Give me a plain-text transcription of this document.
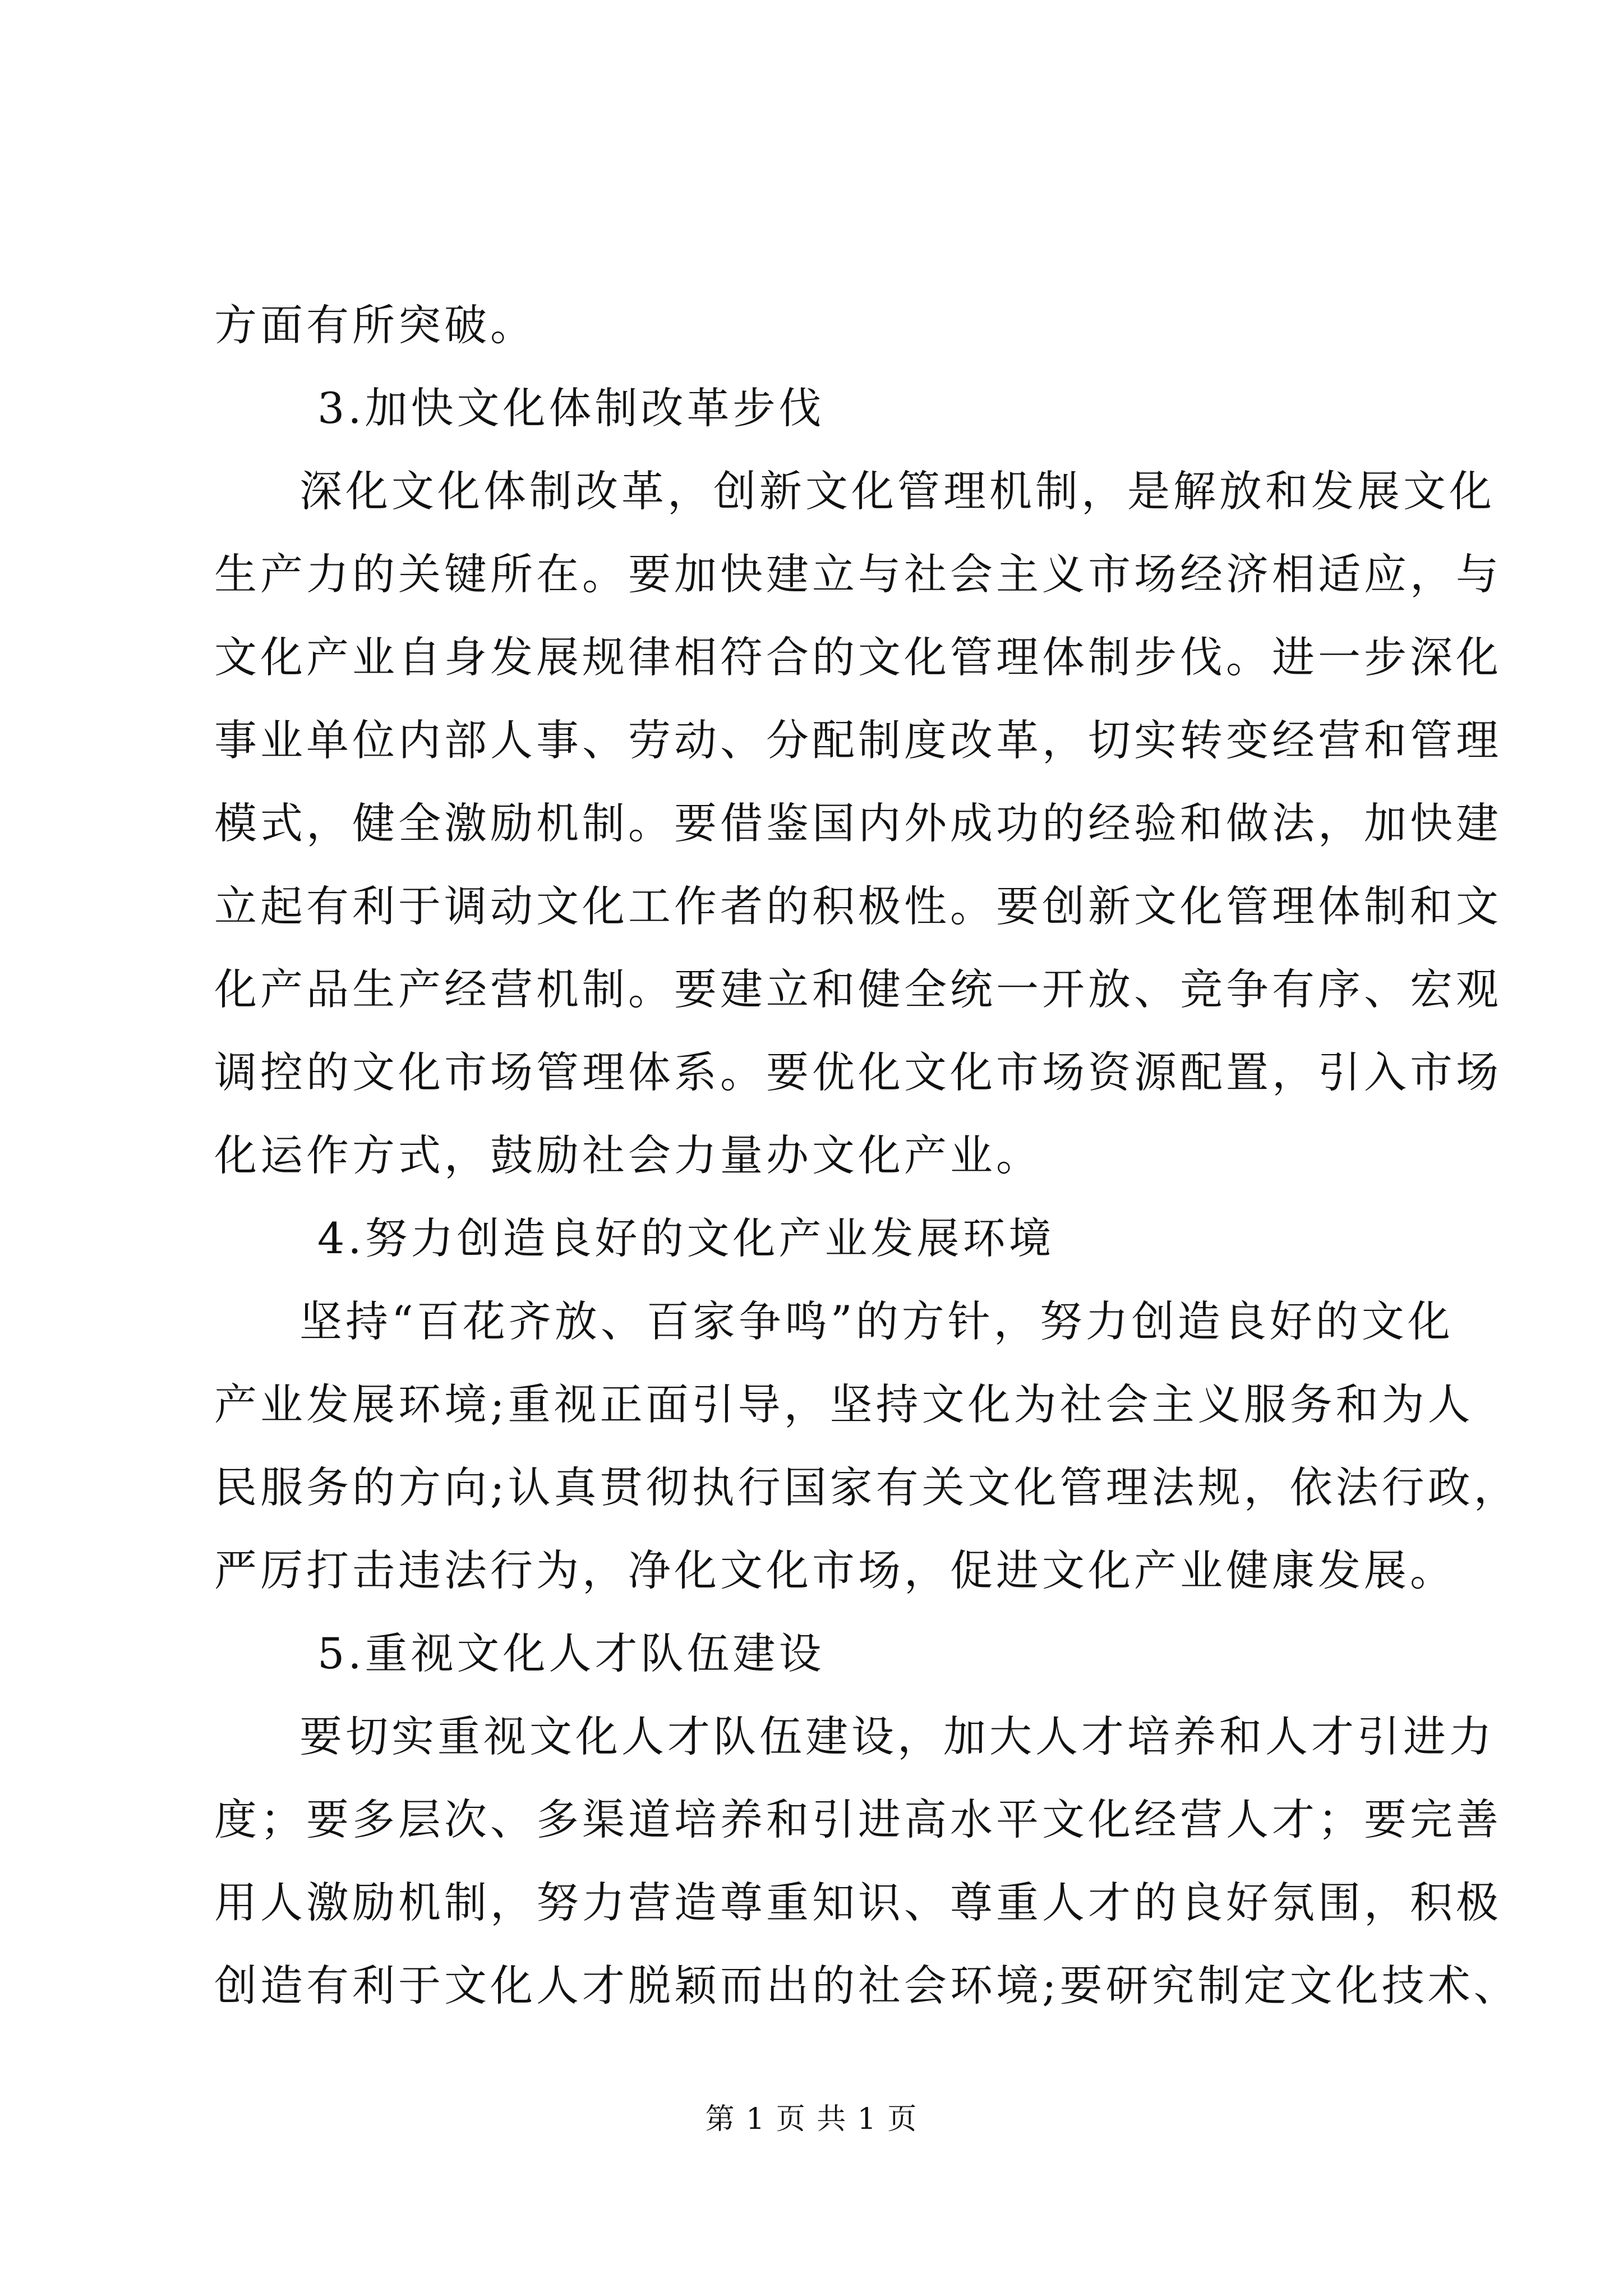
方面有所突破。
3.加快文化体制改革步伐
深化文化体制改革，创新文化管理机制，是解放和发展文化
生产力的关键所在。要加快建立与社会主义市场经济相适应，与
文化产业自身发展规律相符合的文化管理体制步伐。进一步深化
事业单位内部人事、劳动、分配制度改革，切实转变经营和管理
模式，健全激励机制。要借鉴国内外成功的经验和做法，加快建
立起有利于调动文化工作者的积极性。要创新文化管理体制和文
化产品生产经营机制。要建立和健全统一开放、竞争有序、宏观
调控的文化市场管理体系。要优化文化市场资源配置，引入市场
化运作方式，鼓励社会力量办文化产业。
4.努力创造良好的文化产业发展环境
坚持“百花齐放、百家争鸣”的方针，努力创造良好的文化
产业发展环境;重视正面引导，坚持文化为社会主义服务和为人
民服务的方向;认真贯彻执行国家有关文化管理法规，依法行政，
严厉打击违法行为，净化文化市场，促进文化产业健康发展。
5.重视文化人才队伍建设
要切实重视文化人才队伍建设，加大人才培养和人才引进力
度；要多层次、多渠道培养和引进高水平文化经营人才；要完善
用人激励机制，努力营造尊重知识、尊重人才的良好氛围，积极
创造有利于文化人才脱颖而出的社会环境;要研究制定文化技术、
第 1 页 共 1 页
